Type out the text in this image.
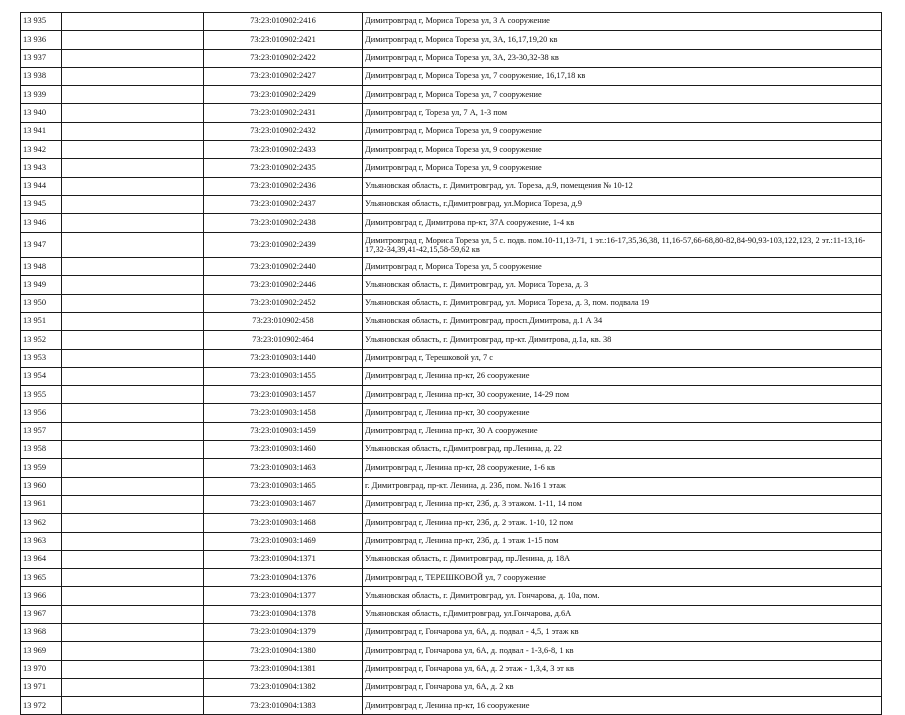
13 935		73:23:010902:2416	Димитровград г, Мориса Тореза ул, 3 А сооружение
13 936		73:23:010902:2421	Димитровград г, Мориса Тореза ул, 3А, 16,17,19,20 кв
13 937		73:23:010902:2422	Димитровград г, Мориса Тореза ул, 3А, 23-30,32-38 кв
13 938		73:23:010902:2427	Димитровград г, Мориса Тореза ул, 7 сооружение, 16,17,18 кв
13 939		73:23:010902:2429	Димитровград г, Мориса Тореза ул, 7 сооружение
13 940		73:23:010902:2431	Димитровград г, Тореза ул, 7 А, 1-3 пом
13 941		73:23:010902:2432	Димитровград г, Мориса Тореза ул, 9 сооружение
13 942		73:23:010902:2433	Димитровград г, Мориса Тореза ул, 9 сооружение
13 943		73:23:010902:2435	Димитровград г, Мориса Тореза ул, 9 сооружение
13 944		73:23:010902:2436	Ульяновская область, г. Димитровград, ул. Тореза, д.9, помещения № 10-12
13 945		73:23:010902:2437	Ульяновская область, г.Димитровград, ул.Мориса Тореза, д.9
13 946		73:23:010902:2438	Димитровград г, Димитрова пр-кт, 37А сооружение, 1-4 кв
13 947		73:23:010902:2439	Димитровград г, Мориса Тореза ул, 5 с. подв. пом.10-11,13-71, 1 эт.:16-17,35,36,38, 11,16-57,66-68,80-82,84-90,93-103,122,123, 2 эт.:11-13,16-17,32-34,39,41-42,15,58-59,62 кв
13 948		73:23:010902:2440	Димитровград г, Мориса Тореза ул, 5 сооружение
13 949		73:23:010902:2446	Ульяновская область, г. Димитровград, ул. Мориса Тореза, д. 3
13 950		73:23:010902:2452	Ульяновская область, г. Димитровград, ул. Мориса Тореза, д. 3, пом. подвала 19
13 951		73:23:010902:458	Ульяновская область, г. Димитровград, просп.Димитрова, д.1 А 34
13 952		73:23:010902:464	Ульяновская область, г. Димитровград, пр-кт. Димитрова, д.1а, кв. 38
13 953		73:23:010903:1440	Димитровград г, Терешковой ул, 7 с
13 954		73:23:010903:1455	Димитровград г, Ленина пр-кт, 26 сооружение
13 955		73:23:010903:1457	Димитровград г, Ленина пр-кт, 30 сооружение, 14-29 пом
13 956		73:23:010903:1458	Димитровград г, Ленина пр-кт, 30 сооружение
13 957		73:23:010903:1459	Димитровград г, Ленина пр-кт, 30 А сооружение
13 958		73:23:010903:1460	Ульяновская область, г.Димитровград, пр.Ленина, д. 22
13 959		73:23:010903:1463	Димитровград г, Ленина пр-кт, 28 сооружение, 1-6 кв
13 960		73:23:010903:1465	г. Димитровград, пр-кт. Ленина, д. 23б, пом. №16 1 этаж
13 961		73:23:010903:1467	Димитровград г, Ленина пр-кт, 23б, д. 3 этажом. 1-11, 14 пом
13 962		73:23:010903:1468	Димитровград г, Ленина пр-кт, 23б, д. 2 этаж. 1-10, 12 пом
13 963		73:23:010903:1469	Димитровград г, Ленина пр-кт, 23б, д. 1 этаж 1-15 пом
13 964		73:23:010904:1371	Ульяновская область, г. Димитровград, пр.Ленина, д. 18А
13 965		73:23:010904:1376	Димитровград г, ТЕРЕШКОВОЙ ул, 7 сооружение
13 966		73:23:010904:1377	Ульяновская область, г. Димитровград, ул. Гончарова, д. 10а, пом.
13 967		73:23:010904:1378	Ульяновская область, г.Димитровград, ул.Гончарова, д.6А
13 968		73:23:010904:1379	Димитровград г, Гончарова ул, 6А, д. подвал - 4,5, 1 этаж кв
13 969		73:23:010904:1380	Димитровград г, Гончарова ул, 6А, д. подвал - 1-3,6-8, 1 кв
13 970		73:23:010904:1381	Димитровград г, Гончарова ул, 6А, д. 2 этаж - 1,3,4, 3 эт кв
13 971		73:23:010904:1382	Димитровград г, Гончарова ул, 6А, д. 2 кв
13 972		73:23:010904:1383	Димитровград г, Ленина пр-кт, 16 сооружение
